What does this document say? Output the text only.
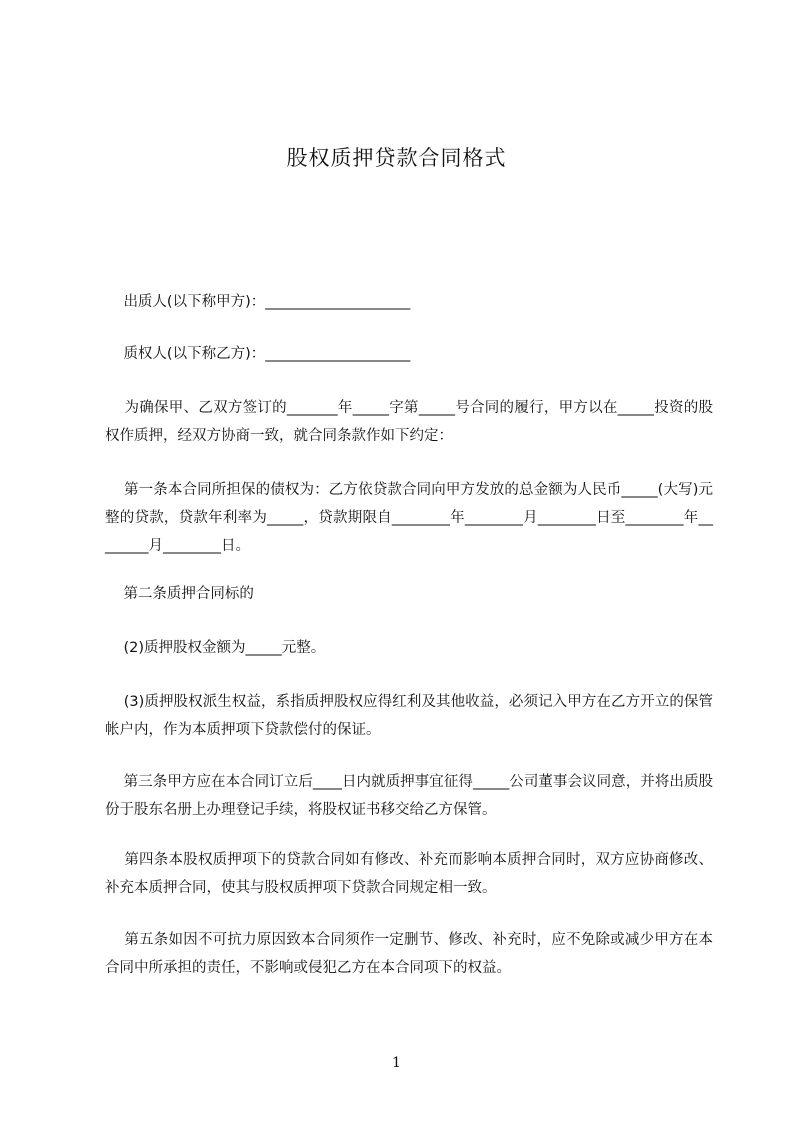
股权质押贷款合同格式
出质人(以下称甲方)：____________________
质权人(以下称乙方)：____________________
为确保甲、乙双方签订的_______年_____字第_____号合同的履行，甲方以在_____投资的股权作质押，经双方协商一致，就合同条款作如下约定：
第一条本合同所担保的债权为：乙方依贷款合同向甲方发放的总金额为人民币_____(大写)元整的贷款，贷款年利率为_____，贷款期限自________年________月________日至________年________月________日。
第二条质押合同标的
(2)质押股权金额为_____元整。
(3)质押股权派生权益，系指质押股权应得红利及其他收益，必须记入甲方在乙方开立的保管帐户内，作为本质押项下贷款偿付的保证。
第三条甲方应在本合同订立后____日内就质押事宜征得_____公司董事会议同意，并将出质股份于股东名册上办理登记手续，将股权证书移交给乙方保管。
第四条本股权质押项下的贷款合同如有修改、补充而影响本质押合同时，双方应协商修改、补充本质押合同，使其与股权质押项下贷款合同规定相一致。
第五条如因不可抗力原因致本合同须作一定删节、修改、补充时，应不免除或减少甲方在本合同中所承担的责任，不影响或侵犯乙方在本合同项下的权益。
1
